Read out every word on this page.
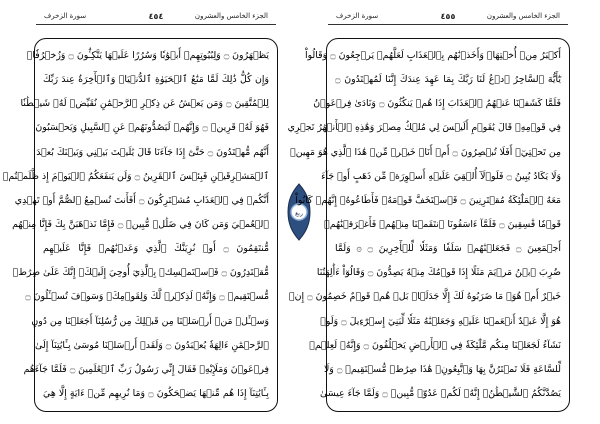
سورة الزخرف	٤٥٤	الجزء الخامس والعشرون
يَظۡهَرُونَ ۝ وَلِبُيُوتِهِمۡ أَبۡوَٰبٗا وَسُرُرًا عَلَيۡهَا يَتَّكِـُٔونَ ۝ وَزُخۡرُفٗاۚ
وَإِن كُلُّ ذَٰلِكَ لَمَّا مَتَٰعُ ٱلۡحَيَوٰةِ ٱلدُّنۡيَاۚ وَٱلۡأٓخِرَةُ عِندَ رَبِّكَ
لِلۡمُتَّقِينَ ۝ وَمَن يَعۡشُ عَن ذِكۡرِ ٱلرَّحۡمَٰنِ نُقَيِّضۡ لَهُۥ شَيۡطَٰنٗا
فَهُوَ لَهُۥ قَرِينٞ ۝ وَإِنَّهُمۡ لَيَصُدُّونَهُمۡ عَنِ ٱلسَّبِيلِ وَيَحۡسَبُونَ
أَنَّهُم مُّهۡتَدُونَ ۝ حَتَّىٰٓ إِذَا جَآءَنَا قَالَ يَٰلَيۡتَ بَيۡنِي وَبَيۡنَكَ بُعۡدَ
ٱلۡمَشۡرِقَيۡنِ فَبِئۡسَ ٱلۡقَرِينُ ۝ وَلَن يَنفَعَكُمُ ٱلۡيَوۡمَ إِذ ظَّلَمۡتُمۡ
أَنَّكُمۡ فِي ٱلۡعَذَابِ مُشۡتَرِكُونَ ۝ أَفَأَنتَ تُسۡمِعُ ٱلصُّمَّ أَوۡ تَهۡدِي
ٱلۡعُمۡيَ وَمَن كَانَ فِي ضَلَٰلٖ مُّبِينٖ ۝ فَإِمَّا نَذۡهَبَنَّ بِكَ فَإِنَّا مِنۡهُم
مُّنتَقِمُونَ ۝ أَوۡ نُرِيَنَّكَ ٱلَّذِي وَعَدۡنَٰهُمۡ فَإِنَّا عَلَيۡهِم
مُّقۡتَدِرُونَ ۝ فَٱسۡتَمۡسِكۡ بِٱلَّذِيٓ أُوحِيَ إِلَيۡكَۖ إِنَّكَ عَلَىٰ صِرَٰطٖ
مُّسۡتَقِيمٖ ۝ وَإِنَّهُۥ لَذِكۡرٞ لَّكَ وَلِقَوۡمِكَۖ وَسَوۡفَ تُسۡـَٔلُونَ ۝
وَسۡـَٔلۡ مَنۡ أَرۡسَلۡنَا مِن قَبۡلِكَ مِن رُّسُلِنَآ أَجَعَلۡنَا مِن دُونِ
ٱلرَّحۡمَٰنِ ءَالِهَةٗ يُعۡبَدُونَ ۝ وَلَقَدۡ أَرۡسَلۡنَا مُوسَىٰ بِـَٔايَٰتِنَآ إِلَىٰ
فِرۡعَوۡنَ وَمَلَإِيْهِۦ فَقَالَ إِنِّي رَسُولُ رَبِّ ٱلۡعَٰلَمِينَ ۝ فَلَمَّا جَآءَهُم
بِـَٔايَٰتِنَآ إِذَا هُم مِّنۡهَا يَضۡحَكُونَ ۝ وَمَا نُرِيهِم مِّنۡ ءَايَةٍ إِلَّا هِيَ
ربع
سورة الزخرف	٤٥٥	الجزء الخامس والعشرون
أَكۡبَرُ مِنۡ أُخۡتِهَاۖ وَأَخَذۡنَٰهُم بِٱلۡعَذَابِ لَعَلَّهُمۡ يَرۡجِعُونَ ۝ وَقَالُواْ
يَٰٓأَيُّهَ ٱلسَّاحِرُ ٱدۡعُ لَنَا رَبَّكَ بِمَا عَهِدَ عِندَكَ إِنَّنَا لَمُهۡتَدُونَ ۝
فَلَمَّا كَشَفۡنَا عَنۡهُمُ ٱلۡعَذَابَ إِذَا هُمۡ يَنكُثُونَ ۝ وَنَادَىٰ فِرۡعَوۡنُ
فِي قَوۡمِهِۦ قَالَ يَٰقَوۡمِ أَلَيۡسَ لِي مُلۡكُ مِصۡرَ وَهَٰذِهِ ٱلۡأَنۡهَٰرُ تَجۡرِي
مِن تَحۡتِيٓۚ أَفَلَا تُبۡصِرُونَ ۝ أَمۡ أَنَا۠ خَيۡرٞ مِّنۡ هَٰذَا ٱلَّذِي هُوَ مَهِينٞ
وَلَا يَكَادُ يُبِينُ ۝ فَلَوۡلَآ أُلۡقِيَ عَلَيۡهِ أَسۡوِرَةٞ مِّن ذَهَبٍ أَوۡ جَآءَ
مَعَهُ ٱلۡمَلَٰٓئِكَةُ مُقۡتَرِنِينَ ۝ فَٱسۡتَخَفَّ قَوۡمَهُۥ فَأَطَاعُوهُۚ إِنَّهُمۡ كَانُواْ
قَوۡمٗا فَٰسِقِينَ ۝ فَلَمَّآ ءَاسَفُونَا ٱنتَقَمۡنَا مِنۡهُمۡ فَأَغۡرَقۡنَٰهُمۡ
أَجۡمَعِينَ ۝ فَجَعَلۡنَٰهُمۡ سَلَفٗا وَمَثَلٗا لِّلۡأٓخِرِينَ ۝ ۞ وَلَمَّا
ضُرِبَ ٱبۡنُ مَرۡيَمَ مَثَلًا إِذَا قَوۡمُكَ مِنۡهُ يَصِدُّونَ ۝ وَقَالُوٓاْ ءَأَٰلِهَتُنَا
خَيۡرٌ أَمۡ هُوَۚ مَا ضَرَبُوهُ لَكَ إِلَّا جَدَلَۢاۚ بَلۡ هُمۡ قَوۡمٌ خَصِمُونَ ۝ إِنۡ
هُوَ إِلَّا عَبۡدٌ أَنۡعَمۡنَا عَلَيۡهِ وَجَعَلۡنَٰهُ مَثَلٗا لِّبَنِيٓ إِسۡرَٰٓءِيلَ ۝ وَلَوۡ
نَشَآءُ لَجَعَلۡنَا مِنكُم مَّلَٰٓئِكَةٗ فِي ٱلۡأَرۡضِ يَخۡلُفُونَ ۝ وَإِنَّهُۥ لَعِلۡمٞ
لِّلسَّاعَةِ فَلَا تَمۡتَرُنَّ بِهَا وَٱتَّبِعُونِۚ هَٰذَا صِرَٰطٞ مُّسۡتَقِيمٞ ۝ وَلَا
يَصُدَّنَّكُمُ ٱلشَّيۡطَٰنُۖ إِنَّهُۥ لَكُمۡ عَدُوّٞ مُّبِينٞ ۝ وَلَمَّا جَآءَ عِيسَىٰ
